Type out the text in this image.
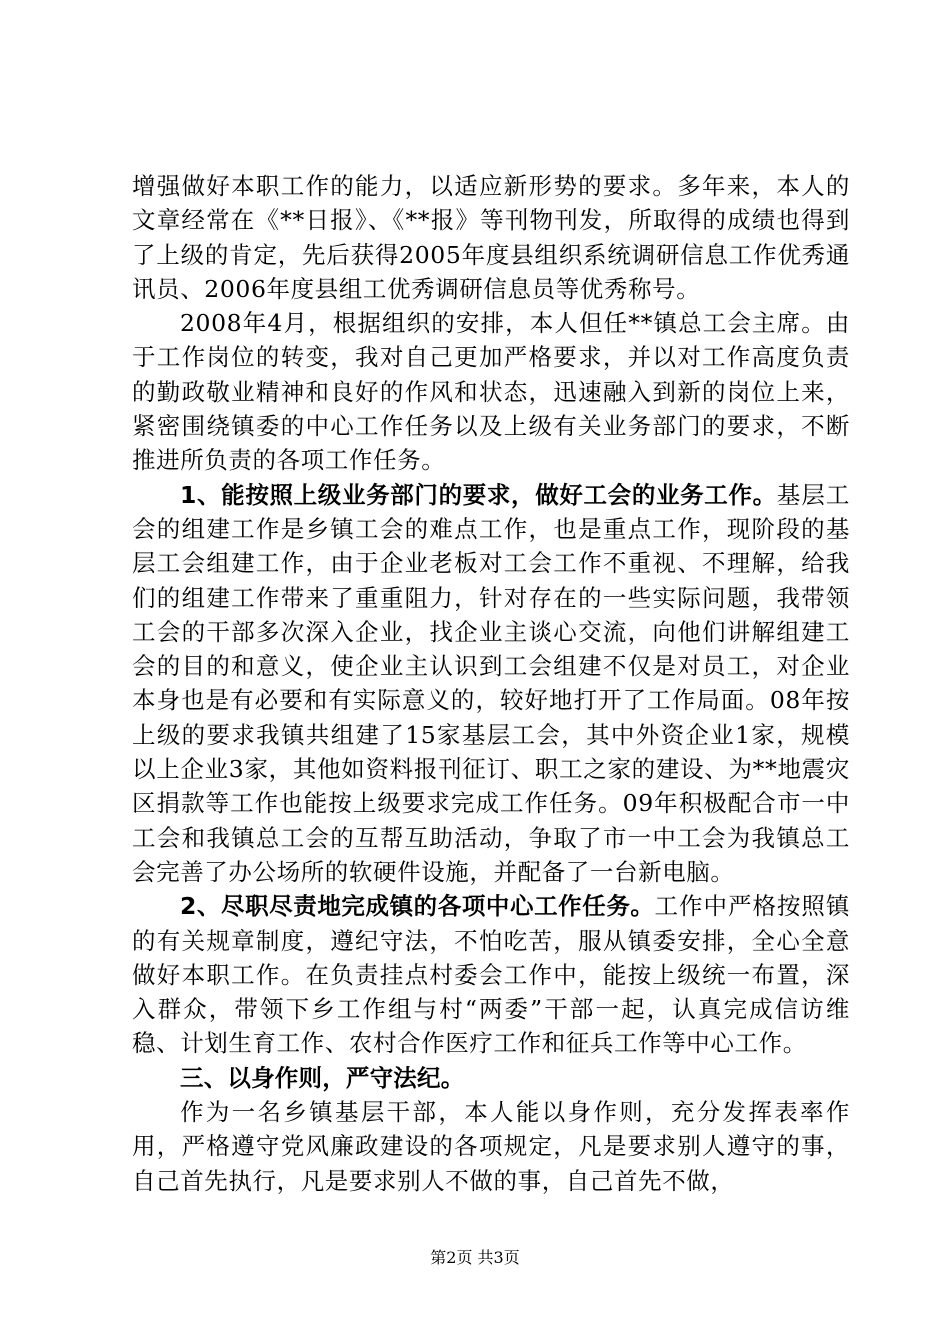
增强做好本职工作的能力，以适应新形势的要求。多年来，本人的文章经常在《**日报》、《**报》等刊物刊发，所取得的成绩也得到了上级的肯定，先后获得2005年度县组织系统调研信息工作优秀通讯员、2006年度县组工优秀调研信息员等优秀称号。

2008年4月，根据组织的安排，本人但任**镇总工会主席。由于工作岗位的转变，我对自己更加严格要求，并以对工作高度负责的勤政敬业精神和良好的作风和状态，迅速融入到新的岗位上来，紧密围绕镇委的中心工作任务以及上级有关业务部门的要求，不断推进所负责的各项工作任务。

1、能按照上级业务部门的要求，做好工会的业务工作。基层工会的组建工作是乡镇工会的难点工作，也是重点工作，现阶段的基层工会组建工作，由于企业老板对工会工作不重视、不理解，给我们的组建工作带来了重重阻力，针对存在的一些实际问题，我带领工会的干部多次深入企业，找企业主谈心交流，向他们讲解组建工会的目的和意义，使企业主认识到工会组建不仅是对员工，对企业本身也是有必要和有实际意义的，较好地打开了工作局面。08年按上级的要求我镇共组建了15家基层工会，其中外资企业1家，规模以上企业3家，其他如资料报刊征订、职工之家的建设、为**地震灾区捐款等工作也能按上级要求完成工作任务。09年积极配合市一中工会和我镇总工会的互帮互助活动，争取了市一中工会为我镇总工会完善了办公场所的软硬件设施，并配备了一台新电脑。

2、尽职尽责地完成镇的各项中心工作任务。工作中严格按照镇的有关规章制度，遵纪守法，不怕吃苦，服从镇委安排，全心全意做好本职工作。在负责挂点村委会工作中，能按上级统一布置，深入群众，带领下乡工作组与村“两委”干部一起，认真完成信访维稳、计划生育工作、农村合作医疗工作和征兵工作等中心工作。

三、以身作则，严守法纪。

作为一名乡镇基层干部，本人能以身作则，充分发挥表率作用，严格遵守党风廉政建设的各项规定，凡是要求别人遵守的事，自己首先执行，凡是要求别人不做的事，自己首先不做，

第2页 共3页
